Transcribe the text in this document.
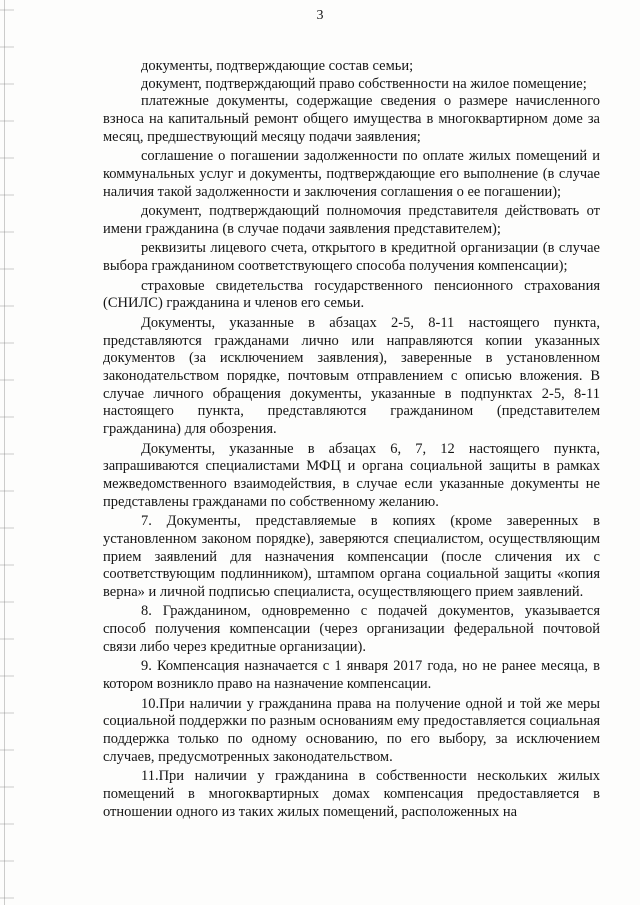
3

документы, подтверждающие состав семьи;

документ, подтверждающий право собственности на жилое помещение;

платежные документы, содержащие сведения о размере начисленного взноса на капитальный ремонт общего имущества в многоквартирном доме за месяц, предшествующий месяцу подачи заявления;

соглашение о погашении задолженности по оплате жилых помещений и коммунальных услуг и документы, подтверждающие его выполнение (в случае наличия такой задолженности и заключения соглашения о ее погашении);

документ, подтверждающий полномочия представителя действовать от имени гражданина (в случае подачи заявления представителем);

реквизиты лицевого счета, открытого в кредитной организации (в случае выбора гражданином соответствующего способа получения компенсации);

страховые свидетельства государственного пенсионного страхования (СНИЛС) гражданина и членов его семьи.

Документы, указанные в абзацах 2-5, 8-11 настоящего пункта, представляются гражданами лично или направляются копии указанных документов (за исключением заявления), заверенные в установленном законодательством порядке, почтовым отправлением с описью вложения. В случае личного обращения документы, указанные в подпунктах 2-5, 8-11 настоящего пункта, представляются гражданином (представителем гражданина) для обозрения.

Документы, указанные в абзацах 6, 7, 12 настоящего пункта, запрашиваются специалистами МФЦ и органа социальной защиты в рамках межведомственного взаимодействия, в случае если указанные документы не представлены гражданами по собственному желанию.

7. Документы, представляемые в копиях (кроме заверенных в установленном законом порядке), заверяются специалистом, осуществляющим прием заявлений для назначения компенсации (после сличения их с соответствующим подлинником), штампом органа социальной защиты «копия верна» и личной подписью специалиста, осуществляющего прием заявлений.

8. Гражданином, одновременно с подачей документов, указывается способ получения компенсации (через организации федеральной почтовой связи либо через кредитные организации).

9. Компенсация назначается с 1 января 2017 года, но не ранее месяца, в котором возникло право на назначение компенсации.

10.При наличии у гражданина права на получение одной и той же меры социальной поддержки по разным основаниям ему предоставляется социальная поддержка только по одному основанию, по его выбору, за исключением случаев, предусмотренных законодательством.

11.При наличии у гражданина в собственности нескольких жилых помещений в многоквартирных домах компенсация предоставляется в отношении одного из таких жилых помещений, расположенных на
